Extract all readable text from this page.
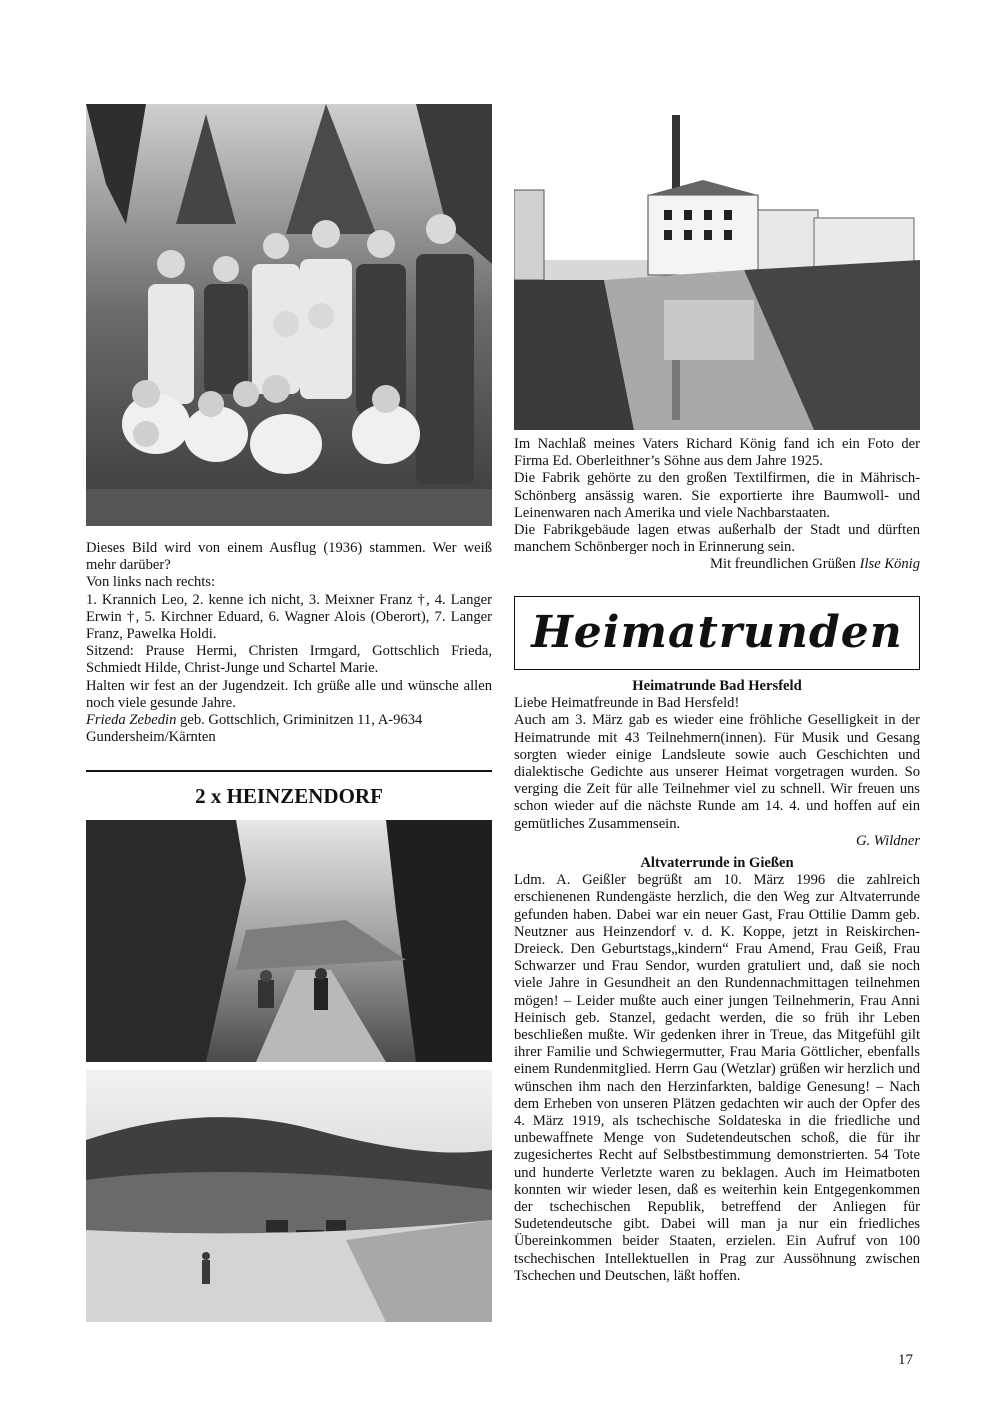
Dieses Bild wird von einem Ausflug (1936) stammen. Wer weiß mehr darüber?

Von links nach rechts:

1. Krannich Leo, 2. kenne ich nicht, 3. Meixner Franz †, 4. Langer Erwin †, 5. Kirchner Eduard, 6. Wagner Alois (Oberort), 7. Langer Franz, Pawelka Holdi.

Sitzend: Prause Hermi, Christen Irmgard, Gottschlich Frieda, Schmiedt Hilde, Christ-Junge und Schartel Marie.

Halten wir fest an der Jugendzeit. Ich grüße alle und wünsche allen noch viele gesunde Jahre.

Frieda Zebedin geb. Gottschlich, Griminitzen 11, A-9634 Gundersheim/Kärnten

2 x HEINZENDORF

Im Nachlaß meines Vaters Richard König fand ich ein Foto der Firma Ed. Oberleithner’s Söhne aus dem Jahre 1925.

Die Fabrik gehörte zu den großen Textilfirmen, die in Mährisch-Schönberg ansässig waren. Sie exportierte ihre Baumwoll- und Leinenwaren nach Amerika und viele Nachbarstaaten.

Die Fabrikgebäude lagen etwas außerhalb der Stadt und dürften manchem Schönberger noch in Erinnerung sein.

Mit freundlichen Grüßen Ilse König

Heimatrunden

Heimatrunde Bad Hersfeld

Liebe Heimatfreunde in Bad Hersfeld!

Auch am 3. März gab es wieder eine fröhliche Geselligkeit in der Heimatrunde mit 43 Teilnehmern(innen). Für Musik und Gesang sorgten wieder einige Landsleute sowie auch Geschichten und dialektische Gedichte aus unserer Heimat vorgetragen wurden. So verging die Zeit für alle Teilnehmer viel zu schnell. Wir freuen uns schon wieder auf die nächste Runde am 14. 4. und hoffen auf ein gemütliches Zusammensein.

G. Wildner

Altvaterrunde in Gießen

Ldm. A. Geißler begrüßt am 10. März 1996 die zahlreich erschienenen Rundengäste herzlich, die den Weg zur Altvaterrunde gefunden haben. Dabei war ein neuer Gast, Frau Ottilie Damm geb. Neutzner aus Heinzendorf v. d. K. Koppe, jetzt in Reiskirchen-Dreieck. Den Geburtstags„kindern“ Frau Amend, Frau Geiß, Frau Schwarzer und Frau Sendor, wurden gratuliert und, daß sie noch viele Jahre in Gesundheit an den Rundennachmittagen teilnehmen mögen! – Leider mußte auch einer jungen Teilnehmerin, Frau Anni Heinisch geb. Stanzel, gedacht werden, die so früh ihr Leben beschließen mußte. Wir gedenken ihrer in Treue, das Mitgefühl gilt ihrer Familie und Schwiegermutter, Frau Maria Göttlicher, ebenfalls einem Rundenmitglied. Herrn Gau (Wetzlar) grüßen wir herzlich und wünschen ihm nach den Herzinfarkten, baldige Genesung! – Nach dem Erheben von unseren Plätzen gedachten wir auch der Opfer des 4. März 1919, als tschechische Soldateska in die friedliche und unbewaffnete Menge von Sudetendeutschen schoß, die für ihr zugesichertes Recht auf Selbstbestimmung demonstrierten. 54 Tote und hunderte Verletzte waren zu beklagen. Auch im Heimatboten konnten wir wieder lesen, daß es weiterhin kein Entgegenkommen der tschechischen Republik, betreffend der Anliegen für Sudetendeutsche gibt. Dabei will man ja nur ein friedliches Übereinkommen beider Staaten, erzielen. Ein Aufruf von 100 tschechischen Intellektuellen in Prag zur Aussöhnung zwischen Tschechen und Deutschen, läßt hoffen.

17
